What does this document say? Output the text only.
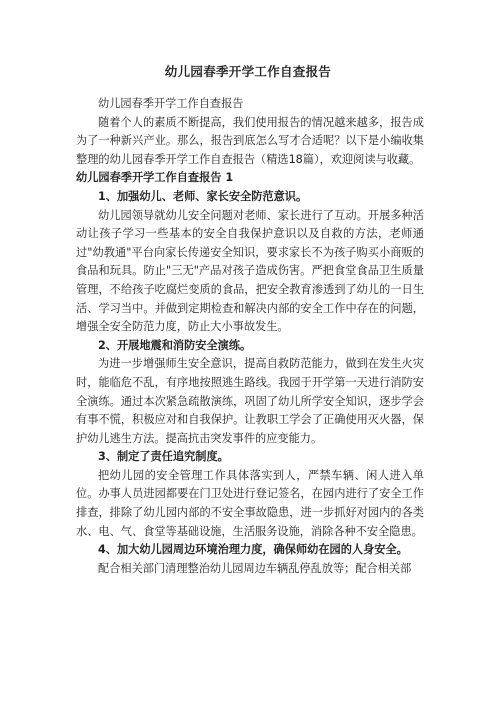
幼儿园春季开学工作自查报告

幼儿园春季开学工作自查报告

随着个人的素质不断提高，我们使用报告的情况越来越多，报告成为了一种新兴产业。那么，报告到底怎么写才合适呢？以下是小编收集整理的幼儿园春季开学工作自查报告（精选18篇），欢迎阅读与收藏。

幼儿园春季开学工作自查报告 1

1、加强幼儿、老师、家长安全防范意识。

幼儿园领导就幼儿安全问题对老师、家长进行了互动。开展多种活动让孩子学习一些基本的安全自我保护意识以及自救的方法，老师通过"幼教通"平台向家长传递安全知识，要求家长不为孩子购买小商贩的食品和玩具。防止"三无"产品对孩子造成伤害。严把食堂食品卫生质量管理，不给孩子吃腐烂变质的食品，把安全教育渗透到了幼儿的一日生活、学习当中。并做到定期检查和解决内部的安全工作中存在的问题，增强全安全防范力度，防止大小事故发生。

2、开展地震和消防安全演练。

为进一步增强师生安全意识，提高自救防范能力，做到在发生火灾时，能临危不乱，有序地按照逃生路线。我园于开学第一天进行消防安全演练。通过本次紧急疏散演练，巩固了幼儿所学安全知识，逐步学会有事不慌，积极应对和自我保护。让教职工学会了正确使用灭火器，保护幼儿逃生方法。提高抗击突发事件的应变能力。

3、制定了责任追究制度。

把幼儿园的安全管理工作具体落实到人，严禁车辆、闲人进入单位。办事人员进园都要在门卫处进行登记签名，在园内进行了安全工作排查，排除了幼儿园内部的不安全事故隐患，进一步抓好对园内的各类水、电、气、食堂等基础设施，生活服务设施，消除各种不安全隐患。

4、加大幼儿园周边环境治理力度，确保师幼在园的人身安全。

配合相关部门清理整治幼儿园周边车辆乱停乱放等；配合相关部
